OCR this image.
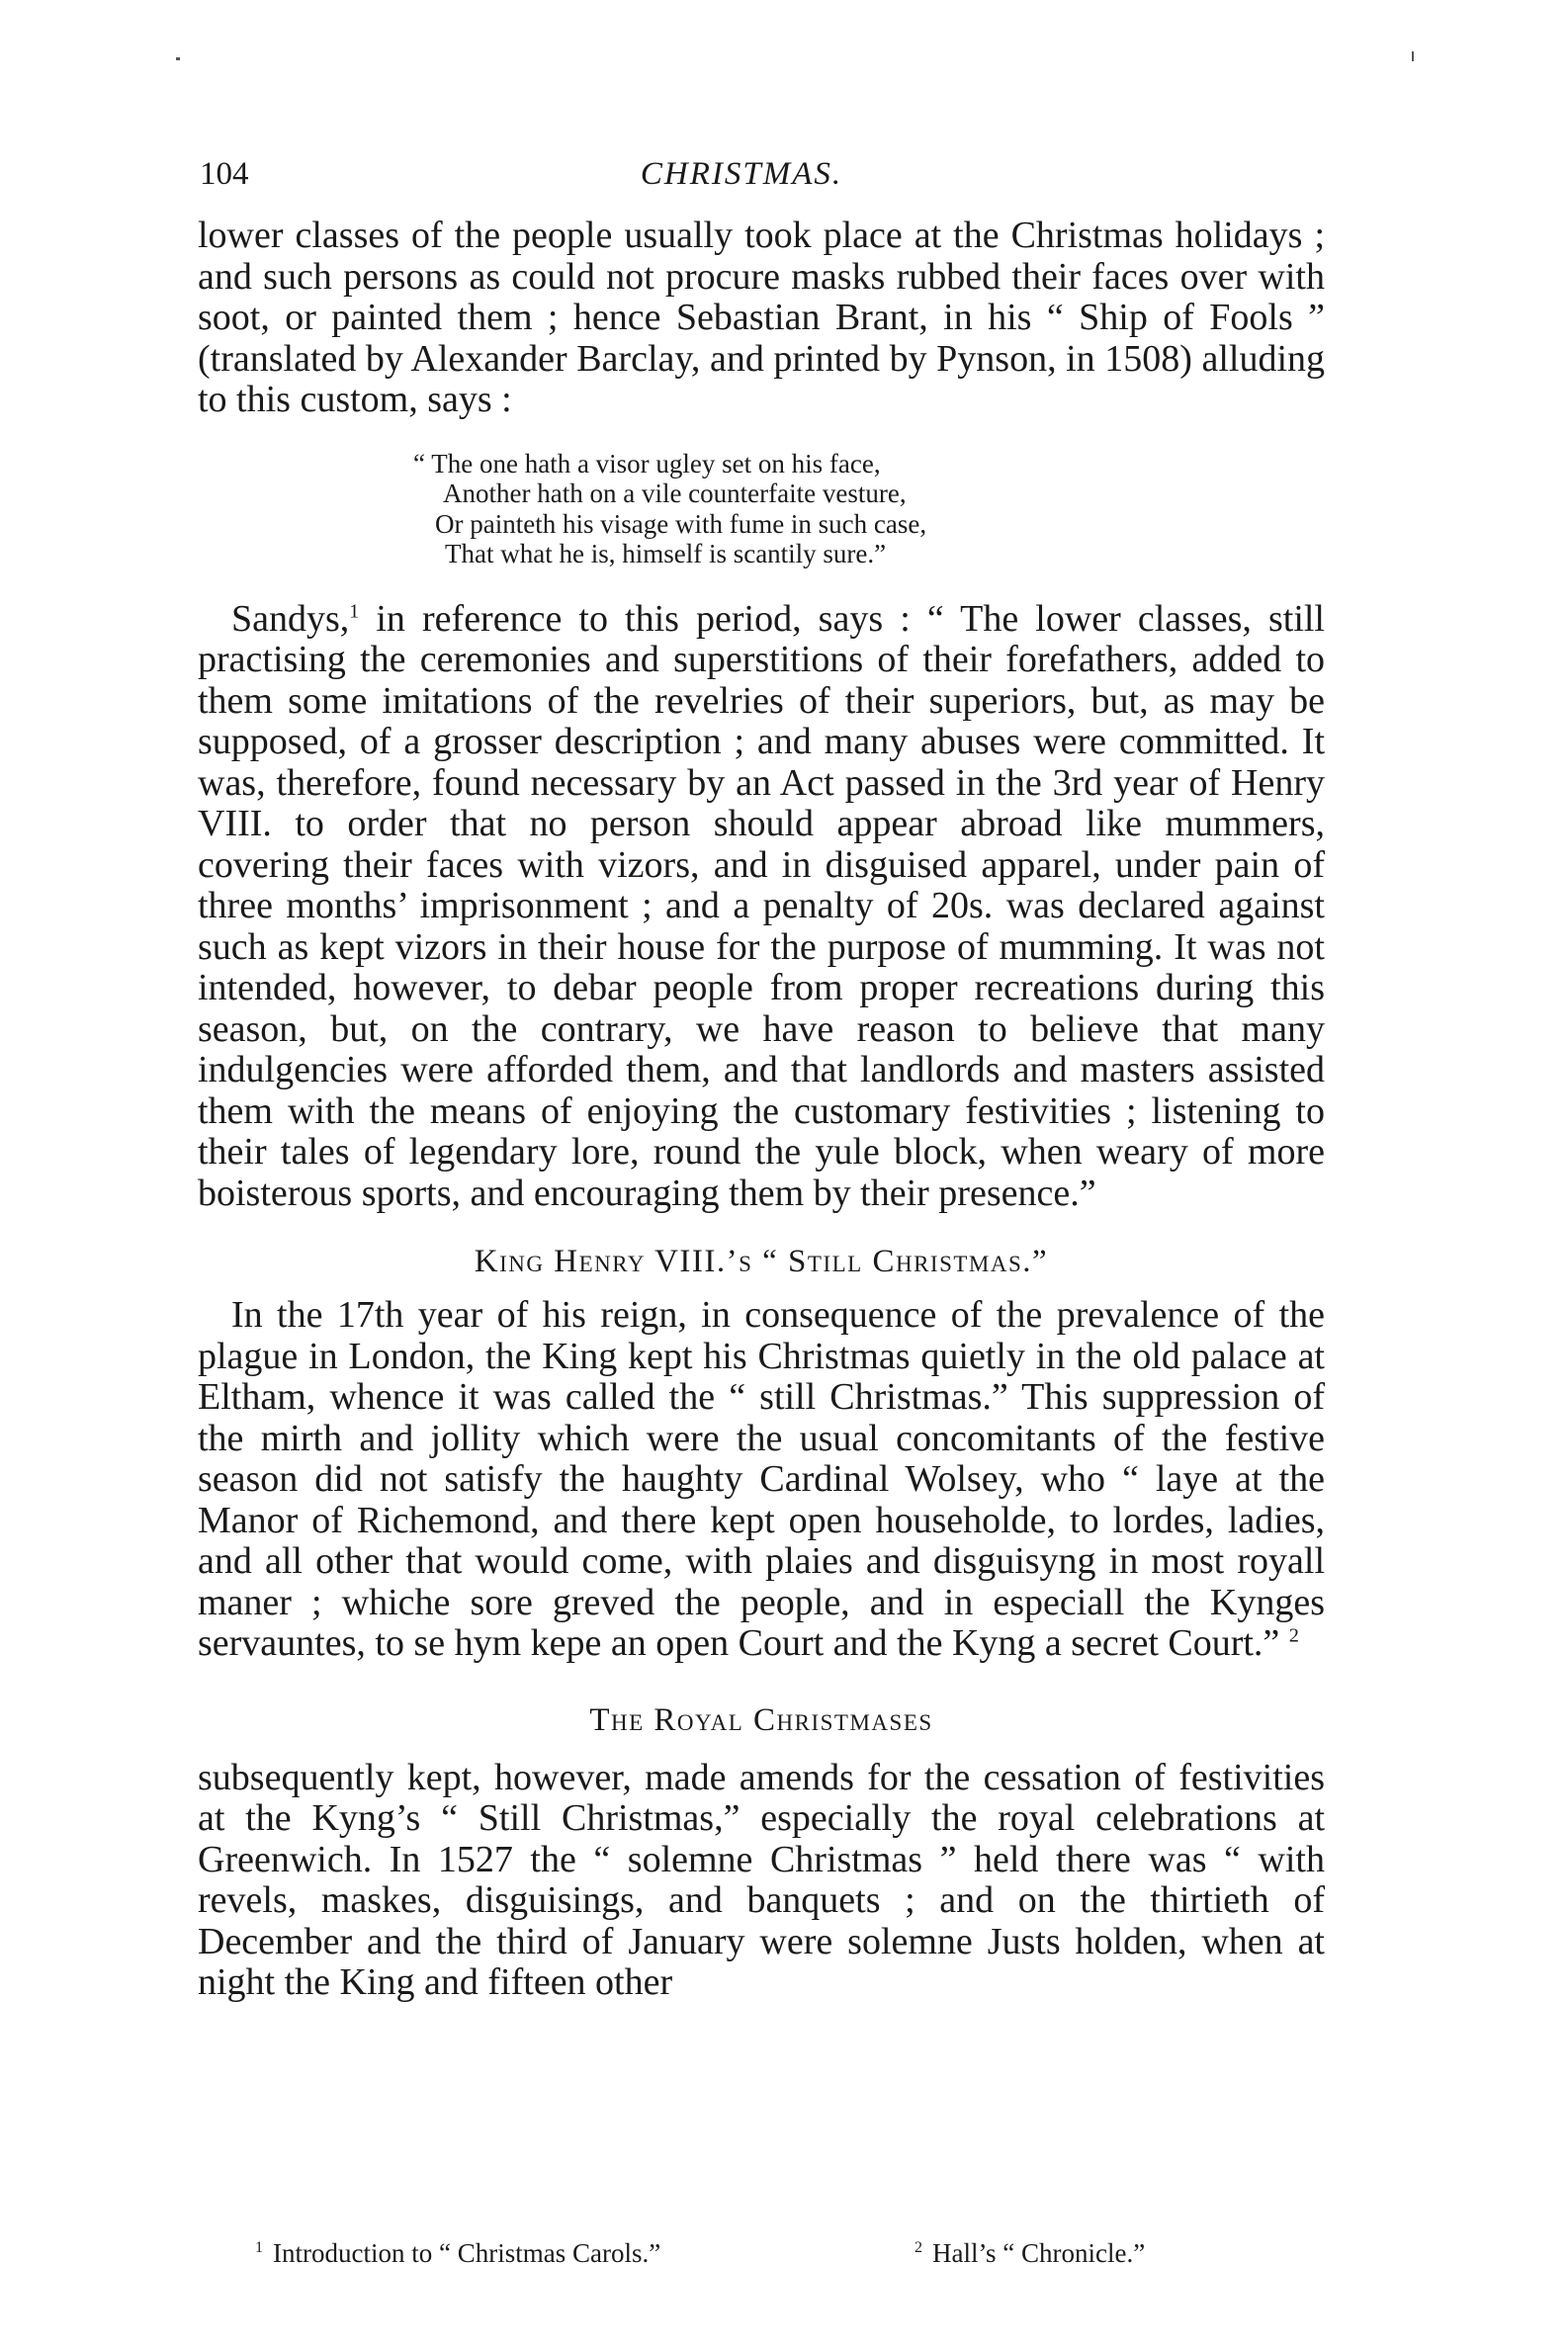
104	CHRISTMAS.

lower classes of the people usually took place at the Christmas holidays ; and such persons as could not procure masks rubbed their faces over with soot, or painted them ; hence Sebastian Brant, in his “ Ship of Fools ” (translated by Alexander Barclay, and printed by Pynson, in 1508) alluding to this custom, says :

“ The one hath a visor ugley set on his face,
Another hath on a vile counterfaite vesture,
Or painteth his visage with fume in such case,
That what he is, himself is scantily sure.”

Sandys,$^1$ in reference to this period, says : “ The lower classes, still practising the ceremonies and superstitions of their forefathers, added to them some imitations of the revelries of their superiors, but, as may be supposed, of a grosser description ; and many abuses were committed. It was, therefore, found necessary by an Act passed in the 3rd year of Henry VIII. to order that no person should appear abroad like mummers, covering their faces with vizors, and in disguised apparel, under pain of three months’ imprisonment ; and a penalty of 20s. was declared against such as kept vizors in their house for the purpose of mumming. It was not intended, however, to debar people from proper recreations during this season, but, on the contrary, we have reason to believe that many indulgencies were afforded them, and that landlords and masters assisted them with the means of enjoying the customary festivities ; listening to their tales of legendary lore, round the yule block, when weary of more boisterous sports, and encouraging them by their presence.”

King Henry VIII.’s “ Still Christmas.”

In the 17th year of his reign, in consequence of the prevalence of the plague in London, the King kept his Christmas quietly in the old palace at Eltham, whence it was called the “ still Christmas.” This suppression of the mirth and jollity which were the usual concomitants of the festive season did not satisfy the haughty Cardinal Wolsey, who “ laye at the Manor of Richemond, and there kept open householde, to lordes, ladies, and all other that would come, with plaies and disguisyng in most royall maner ; whiche sore greved the people, and in especiall the Kynges servauntes, to se hym kepe an open Court and the Kyng a secret Court.” $^2$

The Royal Christmases

subsequently kept, however, made amends for the cessation of festivities at the Kyng’s “ Still Christmas,” especially the royal celebrations at Greenwich. In 1527 the “ solemne Christmas ” held there was “ with revels, maskes, disguisings, and banquets ; and on the thirtieth of December and the third of January were solemne Justs holden, when at night the King and fifteen other

$^1$ Introduction to “ Christmas Carols.”	$^2$ Hall’s “ Chronicle.”
